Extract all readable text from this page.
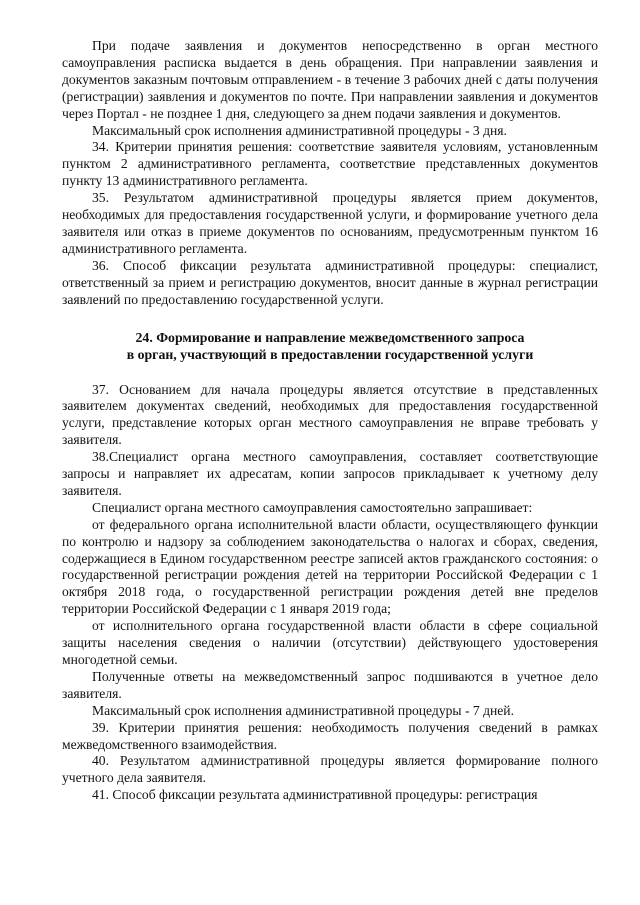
При подаче заявления и документов непосредственно в орган местного самоуправления расписка выдается в день обращения. При направлении заявления и документов заказным почтовым отправлением - в течение 3 рабочих дней с даты получения (регистрации) заявления и документов по почте. При направлении заявления и документов через Портал - не позднее 1 дня, следующего за днем подачи заявления и документов.

Максимальный срок исполнения административной процедуры - 3 дня.

34. Критерии принятия решения: соответствие заявителя условиям, установленным пунктом 2 административного регламента, соответствие представленных документов пункту 13 административного регламента.

35. Результатом административной процедуры является прием документов, необходимых для предоставления государственной услуги, и формирование учетного дела заявителя или отказ в приеме документов по основаниям, предусмотренным пунктом 16 административного регламента.

36. Способ фиксации результата административной процедуры: специалист, ответственный за прием и регистрацию документов, вносит данные в журнал регистрации заявлений по предоставлению государственной услуги.

24. Формирование и направление межведомственного запроса
в орган, участвующий в предоставлении государственной услуги

37. Основанием для начала процедуры является отсутствие в представленных заявителем документах сведений, необходимых для предоставления государственной услуги, представление которых орган местного самоуправления не вправе требовать у заявителя.

38.Специалист органа местного самоуправления, составляет соответствующие запросы и направляет их адресатам, копии запросов прикладывает к учетному делу заявителя.

Специалист органа местного самоуправления самостоятельно запрашивает:

от федерального органа исполнительной власти области, осуществляющего функции по контролю и надзору за соблюдением законодательства о налогах и сборах, сведения, содержащиеся в Едином государственном реестре записей актов гражданского состояния: о государственной регистрации рождения детей на территории Российской Федерации с 1 октября 2018 года, о государственной регистрации рождения детей вне пределов территории Российской Федерации с 1 января 2019 года;

от исполнительного органа государственной власти области в сфере социальной защиты населения сведения о наличии (отсутствии) действующего удостоверения многодетной семьи.

Полученные ответы на межведомственный запрос подшиваются в учетное дело заявителя.

Максимальный срок исполнения административной процедуры - 7 дней.

39. Критерии принятия решения: необходимость получения сведений в рамках межведомственного взаимодействия.

40. Результатом административной процедуры является формирование полного учетного дела заявителя.

41. Способ фиксации результата административной процедуры: регистрация
